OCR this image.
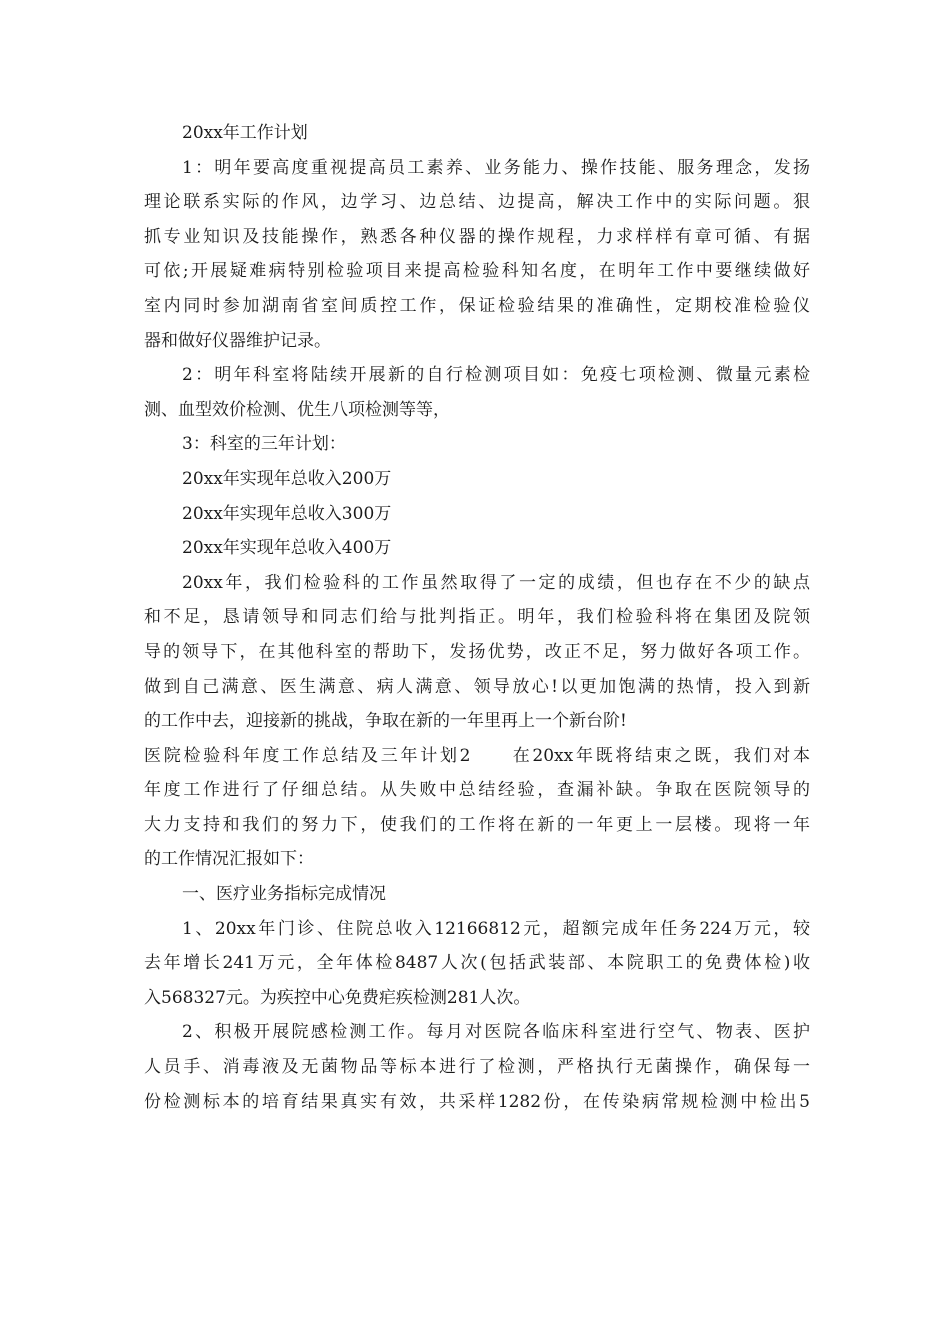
20xx年工作计划
1：明年要高度重视提高员工素养、业务能力、操作技能、服务理念，发扬
理论联系实际的作风，边学习、边总结、边提高，解决工作中的实际问题。狠
抓专业知识及技能操作，熟悉各种仪器的操作规程，力求样样有章可循、有据
可依;开展疑难病特别检验项目来提高检验科知名度，在明年工作中要继续做好
室内同时参加湖南省室间质控工作，保证检验结果的准确性，定期校准检验仪
器和做好仪器维护记录。
2：明年科室将陆续开展新的自行检测项目如：免疫七项检测、微量元素检
测、血型效价检测、优生八项检测等等，
3：科室的三年计划：
20xx年实现年总收入200万
20xx年实现年总收入300万
20xx年实现年总收入400万
20xx年，我们检验科的工作虽然取得了一定的成绩，但也存在不少的缺点
和不足，恳请领导和同志们给与批判指正。明年，我们检验科将在集团及院领
导的领导下，在其他科室的帮助下，发扬优势，改正不足，努力做好各项工作。
做到自己满意、医生满意、病人满意、领导放心!以更加饱满的热情，投入到新
的工作中去，迎接新的挑战，争取在新的一年里再上一个新台阶!
医院检验科年度工作总结及三年计划2　　在20xx年既将结束之既，我们对本
年度工作进行了仔细总结。从失败中总结经验，查漏补缺。争取在医院领导的
大力支持和我们的努力下，使我们的工作将在新的一年更上一层楼。现将一年
的工作情况汇报如下：
一、医疗业务指标完成情况
1、20xx年门诊、住院总收入12166812元，超额完成年任务224万元，较
去年增长241万元，全年体检8487人次(包括武装部、本院职工的免费体检)收
入568327元。为疾控中心免费疟疾检测281人次。
2、积极开展院感检测工作。每月对医院各临床科室进行空气、物表、医护
人员手、消毒液及无菌物品等标本进行了检测，严格执行无菌操作，确保每一
份检测标本的培育结果真实有效，共采样1282份，在传染病常规检测中检出5
